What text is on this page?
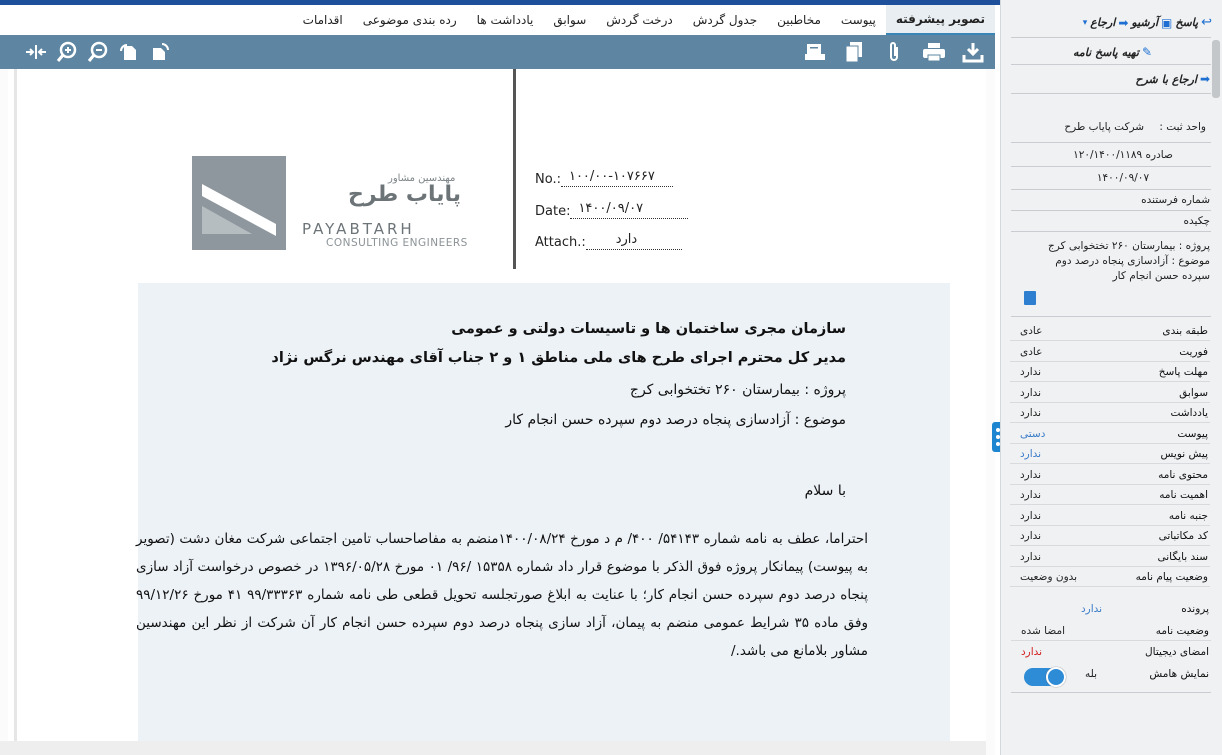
تصویر پیشرفته
پیوست
مخاطبین
جدول گردش
درخت گردش
سوابق
یادداشت ها
رده بندی موضوعی
اقدامات
مهندسین مشاور
پایاب طرح
PAYABTARH
CONSULTING ENGINEERS
No.: ۱۰۰/۰۰-۱۰۷۶۶۷
Date: ۱۴۰۰/۰۹/۰۷
Attach.: دارد
سازمان مجری ساختمان ها و تاسیسات دولتی و عمومی
مدیر کل محترم اجرای طرح های ملی مناطق ۱ و ۲ جناب آقای مهندس نرگس نژاد
پروژه : بیمارستان ۲۶۰ تختخوابی کرج
موضوع : آزادسازی پنجاه درصد دوم سپرده حسن انجام کار
با سلام
احتراما، عطف به نامه شماره ۵۴۱۴۳/ ۴۰۰/ م د مورخ ۱۴۰۰/۰۸/۲۴منضم به مفاصاحساب تامین اجتماعی شرکت مغان دشت (تصویر به پیوست) پیمانکار پروژه فوق الذکر با موضوع قرار داد شماره ۱۵۳۵۸ /۹۶/ ۰۱ مورخ ۱۳۹۶/۰۵/۲۸ در خصوص درخواست آزاد سازی پنجاه درصد دوم سپرده حسن انجام کار؛ با عنایت به ابلاغ صورتجلسه تحویل قطعی طی نامه شماره ۹۹/۳۳۳۶۳ ۴۱ مورخ ۹۹/۱۲/۲۶ وفق ماده ۳۵ شرایط عمومی منضم به پیمان، آزاد سازی پنجاه درصد دوم سپرده حسن انجام کار آن شرکت از نظر این مهندسین مشاور بلامانع می باشد./
↩
پاسخ
▣
آرشیو
➡
ارجاع
▾
✎
تهیه پاسخ نامه
ارجاع با شرح ➡
واحد ثبت : شرکت پایاب طرح
صادره ۱۲۰/۱۴۰۰/۱۱۸۹
۱۴۰۰/۰۹/۰۷
شماره فرستنده
چکیده
پروژه : بیمارستان ۲۶۰ تختخوابی کرج
موضوع : آزادسازی پنجاه درصد دوم
سپرده حسن انجام کار
پرونده
ندارد
وضعیت نامه
امضا شده
امضای دیجیتال
ندارد
نمایش هامش
بله
طبقه بندی
عادی
فوریت
عادی
مهلت پاسخ
ندارد
سوابق
ندارد
یادداشت
ندارد
پیوست
دستی
پیش نویس
ندارد
محتوی نامه
ندارد
اهمیت نامه
ندارد
جنبه نامه
ندارد
کد مکاتباتی
ندارد
سند بایگانی
ندارد
وضعیت پیام نامه
بدون وضعیت
